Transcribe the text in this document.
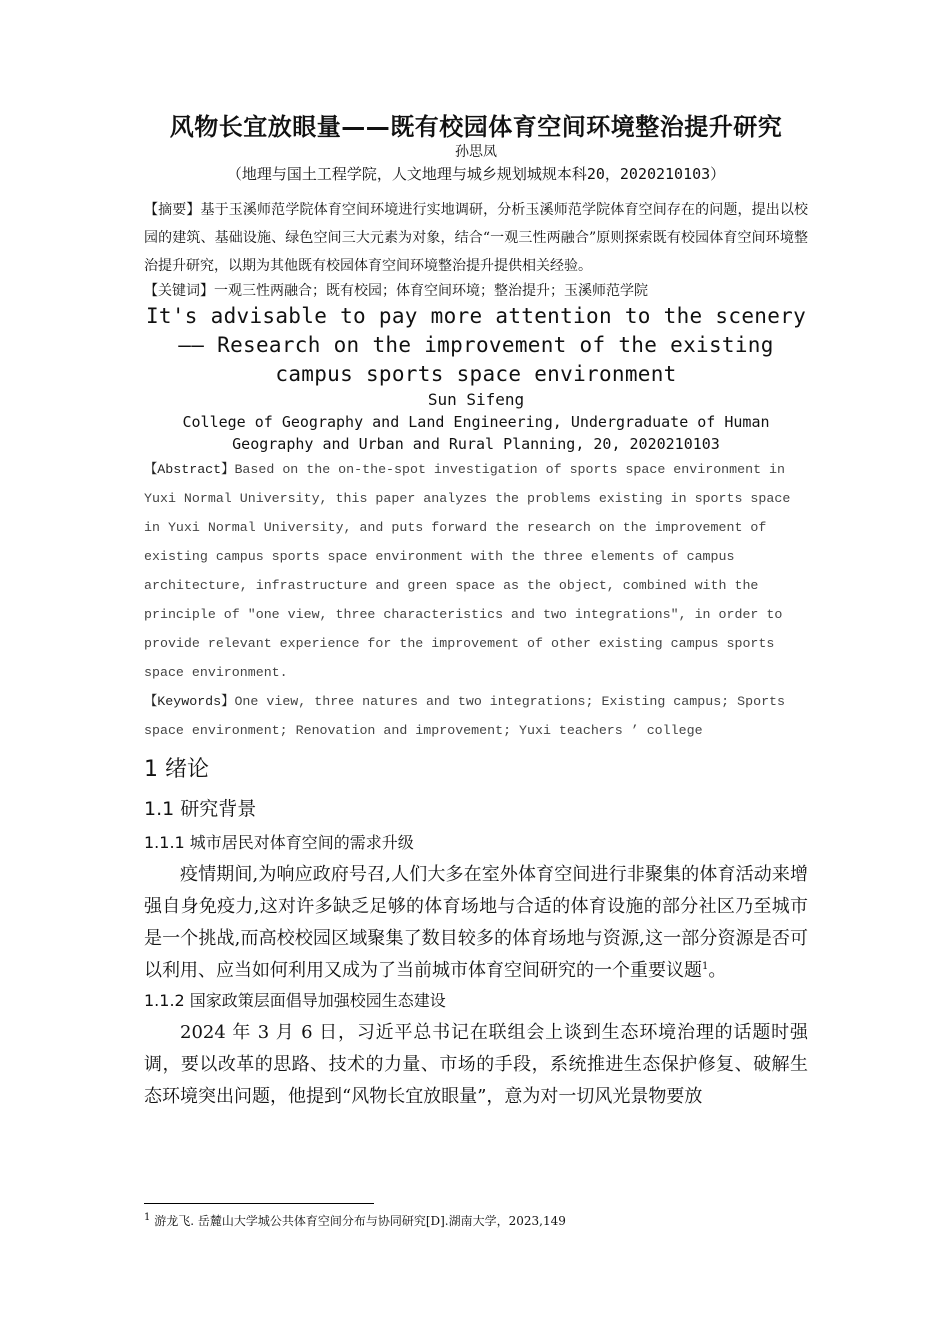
风物长宜放眼量——既有校园体育空间环境整治提升研究

孙思凤

（地理与国土工程学院，人文地理与城乡规划城规本科20，2020210103）

【摘要】基于玉溪师范学院体育空间环境进行实地调研，分析玉溪师范学院体育空间存在的问题，提出以校园的建筑、基础设施、绿色空间三大元素为对象，结合“一观三性两融合”原则探索既有校园体育空间环境整治提升研究，以期为其他既有校园体育空间环境整治提升提供相关经验。

【关键词】一观三性两融合；既有校园；体育空间环境；整治提升；玉溪师范学院

It's advisable to pay more attention to the scenery

—— Research on the improvement of the existing

campus sports space environment

Sun Sifeng

College of Geography and Land Engineering, Undergraduate of Human

Geography and Urban and Rural Planning, 20, 2020210103

【Abstract】Based on the on-the-spot investigation of sports space environment in Yuxi Normal University, this paper analyzes the problems existing in sports space in Yuxi Normal University, and puts forward the research on the improvement of existing campus sports space environment with the three elements of campus architecture, infrastructure and green space as the object, combined with the principle of "one view, three characteristics and two integrations", in order to provide relevant experience for the improvement of other existing campus sports space environment.

【Keywords】One view, three natures and two integrations; Existing campus; Sports space environment; Renovation and improvement; Yuxi teachers ’ college

1 绪论
1.1 研究背景
1.1.1 城市居民对体育空间的需求升级

疫情期间,为响应政府号召,人们大多在室外体育空间进行非聚集的体育活动来增强自身免疫力,这对许多缺乏足够的体育场地与合适的体育设施的部分社区乃至城市是一个挑战,而高校校园区域聚集了数目较多的体育场地与资源,这一部分资源是否可以利用、应当如何利用又成为了当前城市体育空间研究的一个重要议题$^1$。

1.1.2 国家政策层面倡导加强校园生态建设

2024 年 3 月 6 日，习近平总书记在联组会上谈到生态环境治理的话题时强调，要以改革的思路、技术的力量、市场的手段，系统推进生态保护修复、破解生态环境突出问题，他提到“风物长宜放眼量”，意为对一切风光景物要放

$^1$ 游龙飞. 岳麓山大学城公共体育空间分布与协同研究[D].湖南大学，2023,149
